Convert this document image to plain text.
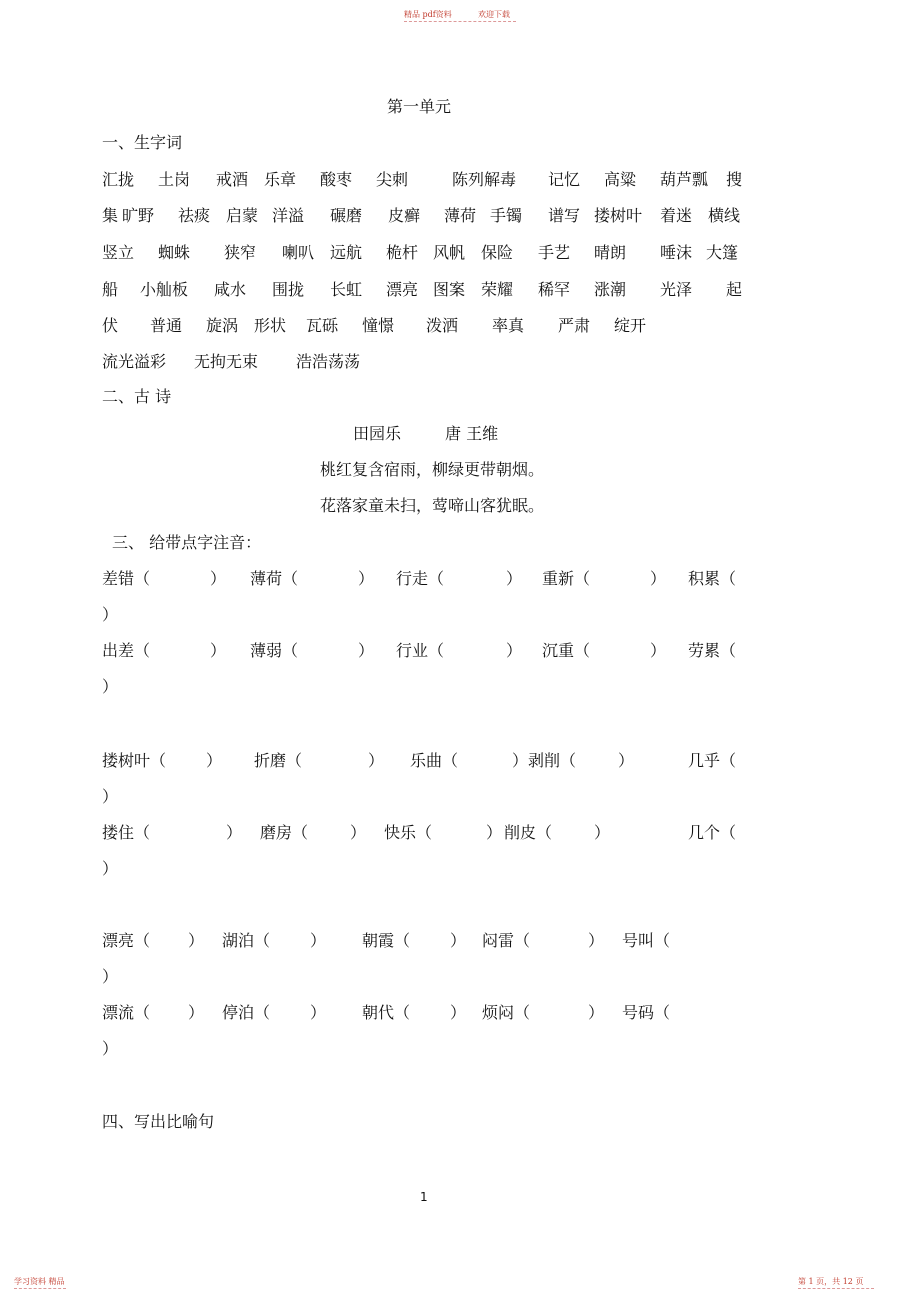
精品 pdf资料	欢迎下载
第一单元
一、生字词
汇拢 土岗 戒酒 乐章 酸枣 尖刺	陈列解毒 记忆 高粱 葫芦瓢 搜
集 旷野 祛痰 启蒙 洋溢 碾磨 皮癣 薄荷 手镯 谱写 搂树叶 着迷 横线
竖立 蜘蛛 狭窄 喇叭 远航 桅杆 风帆 保险 手艺 晴朗 唾沫 大篷
船 小舢板 咸水 围拢 长虹 漂亮 图案 荣耀 稀罕 涨潮 光泽 起
伏 普通 旋涡 形状 瓦砾 憧憬 泼洒 率真 严肃 绽开
流光溢彩 无拘无束 浩浩荡荡
二、古 诗
田园乐	唐 王维
桃红复含宿雨，柳绿更带朝烟。
花落家童未扫，莺啼山客犹眠。
三、 给带点字注音：
差错（	） 薄荷（	） 行走（	） 重新（	） 积累（
）
出差（	） 薄弱（	） 行业（	） 沉重（	） 劳累（
）
搂树叶（ ） 折磨（	） 乐曲（	） 剥削（	）	几乎（
）
搂住（	） 磨房（	） 快乐（	） 削皮（	）	几个（
）
漂亮（ ） 湖泊（ ） 朝霞（ ） 闷雷（	） 号叫（
）
漂流（ ） 停泊（ ） 朝代（ ） 烦闷（	） 号码（
）
四、写出比喻句
1
学习资料 精品	第 1 页，共 12 页
